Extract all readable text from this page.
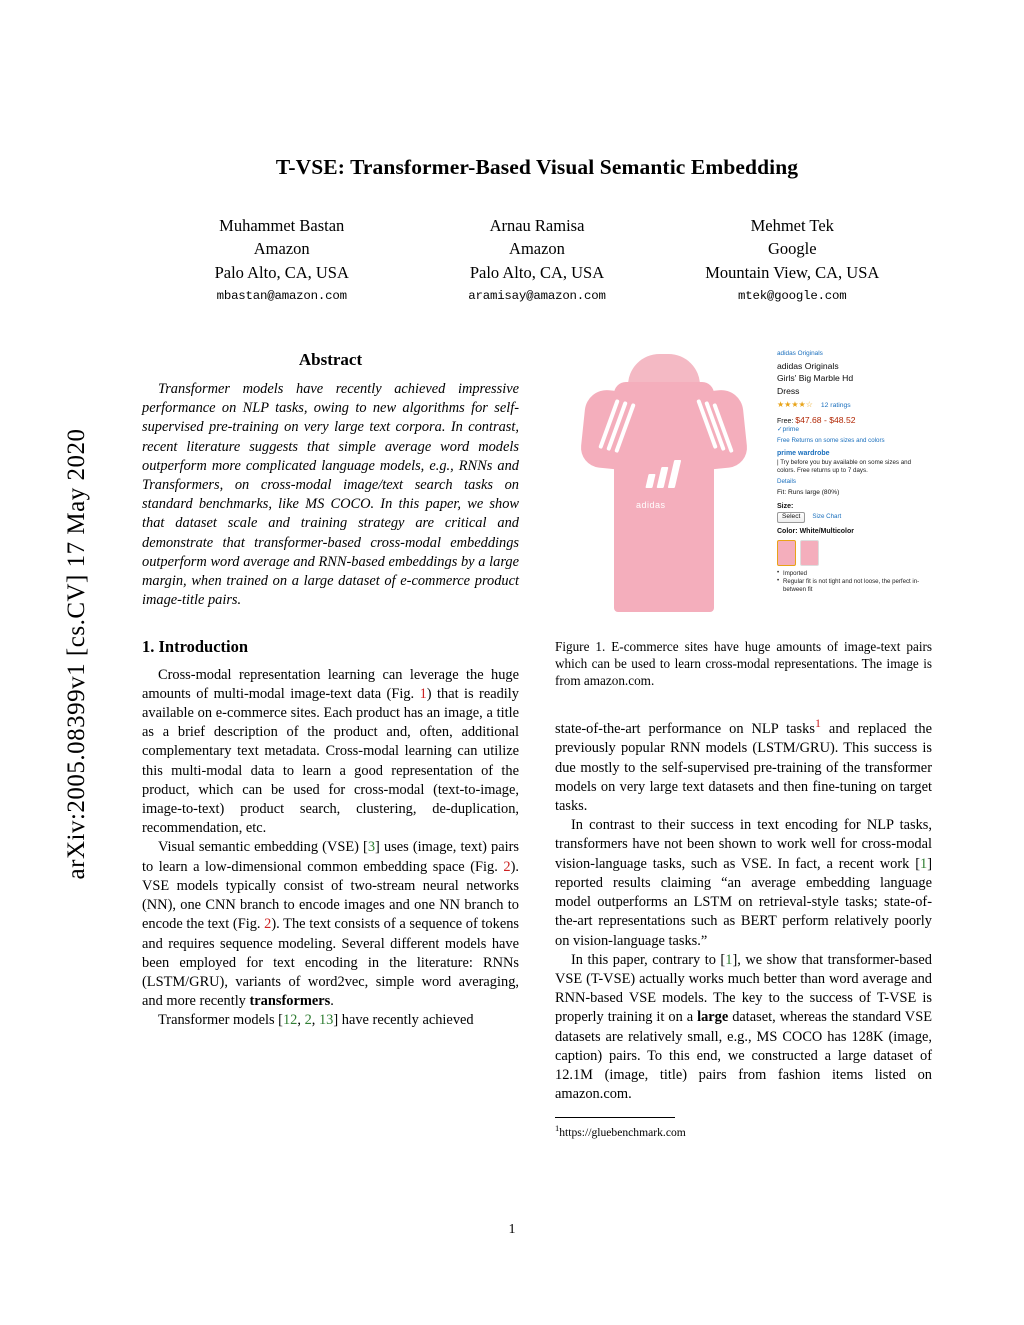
arXiv:2005.08399v1 [cs.CV] 17 May 2020
T-VSE: Transformer-Based Visual Semantic Embedding
Muhammet Bastan
Amazon
Palo Alto, CA, USA
mbastan@amazon.com
Arnau Ramisa
Amazon
Palo Alto, CA, USA
aramisay@amazon.com
Mehmet Tek
Google
Mountain View, CA, USA
mtek@google.com
Abstract
Transformer models have recently achieved impressive performance on NLP tasks, owing to new algorithms for self-supervised pre-training on very large text corpora. In contrast, recent literature suggests that simple average word models outperform more complicated language models, e.g., RNNs and Transformers, on cross-modal image/text search tasks on standard benchmarks, like MS COCO. In this paper, we show that dataset scale and training strategy are critical and demonstrate that transformer-based cross-modal embeddings outperform word average and RNN-based embeddings by a large margin, when trained on a large dataset of e-commerce product image-title pairs.
1. Introduction

Cross-modal representation learning can leverage the huge amounts of multi-modal image-text data (Fig. 1) that is readily available on e-commerce sites. Each product has an image, a title as a brief description of the product and, often, additional complementary text metadata. Cross-modal learning can utilize this multi-modal data to learn a good representation of the product, which can be used for cross-modal (text-to-image, image-to-text) product search, clustering, de-duplication, recommendation, etc.

Visual semantic embedding (VSE) [3] uses (image, text) pairs to learn a low-dimensional common embedding space (Fig. 2). VSE models typically consist of two-stream neural networks (NN), one CNN branch to encode images and one NN branch to encode the text (Fig. 2). The text consists of a sequence of tokens and requires sequence modeling. Several different models have been employed for text encoding in the literature: RNNs (LSTM/GRU), variants of word2vec, simple word averaging, and more recently transformers.

Transformer models [12, 2, 13] have recently achieved

adidas
adidas Originals
adidas Originals
Girls' Big Marble Hd
Dress
★★★★☆ 12 ratings
Free: $47.68 - $48.52
✓prime
Free Returns on some sizes and colors
prime wardrobe
| Try before you buy available on some sizes and colors. Free returns up to 7 days.
Details
Fit: Runs large (80%)
Size:
Select Size Chart
Color: White/Multicolor
• Imported
• Regular fit is not tight and not loose, the perfect in-between fit
Figure 1. E-commerce sites have huge amounts of image-text pairs which can be used to learn cross-modal representations. The image is from amazon.com.

state-of-the-art performance on NLP tasks$^1$ and replaced the previously popular RNN models (LSTM/GRU). This success is due mostly to the self-supervised pre-training of the transformer models on very large text datasets and then fine-tuning on target tasks.

In contrast to their success in text encoding for NLP tasks, transformers have not been shown to work well for cross-modal vision-language tasks, such as VSE. In fact, a recent work [1] reported results claiming “an average embedding language model outperforms an LSTM on retrieval-style tasks; state-of-the-art representations such as BERT perform relatively poorly on vision-language tasks.”

In this paper, contrary to [1], we show that transformer-based VSE (T-VSE) actually works much better than word average and RNN-based VSE models. The key to the success of T-VSE is properly training it on a large dataset, whereas the standard VSE datasets are relatively small, e.g., MS COCO has 128K (image, caption) pairs. To this end, we constructed a large dataset of 12.1M (image, title) pairs from fashion items listed on amazon.com.

$^1$https://gluebenchmark.com
1
